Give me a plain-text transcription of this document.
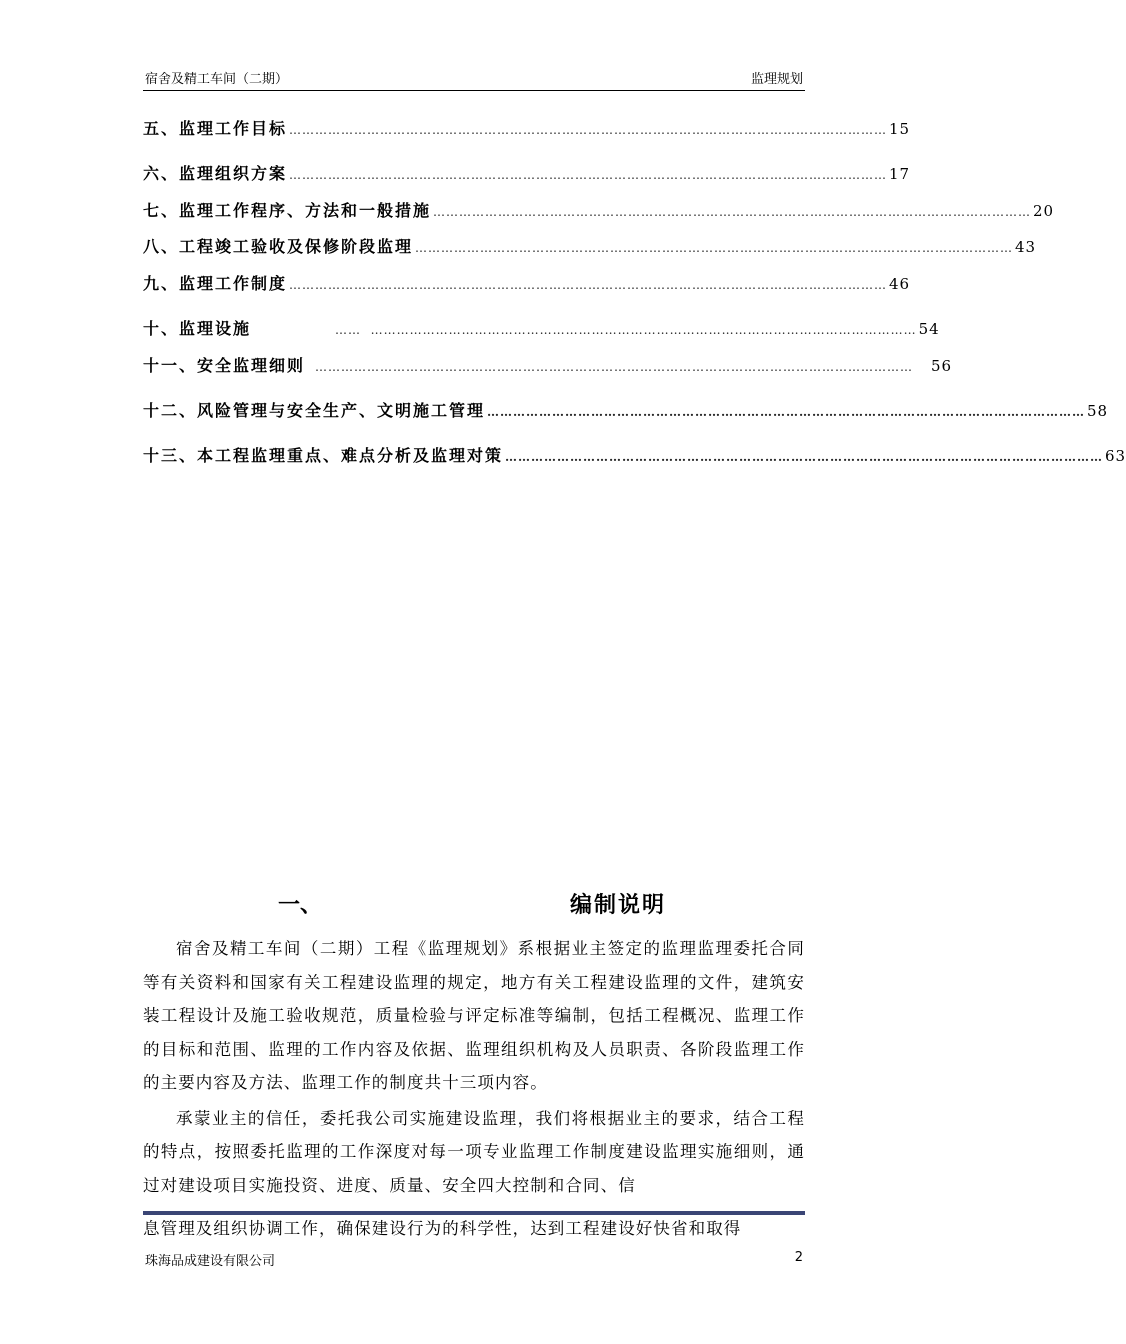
宿舍及精工车间（二期）	监理规划
五、监理工作目标 ………………………………………………………………………………………………………………………… 15
六、监理组织方案 ………………………………………………………………………………………………………………………… 17
七、监理工作程序、方法和一般措施 ………………………………………………………………………………………………………………………… 20
八、工程竣工验收及保修阶段监理 ………………………………………………………………………………………………………………………… 43
九、监理工作制度 ………………………………………………………………………………………………………………………… 46
十、监理设施	……  ……………………………………………………………………………………………………………… 54
十一、安全监理细则 ………………………………………………………………………………………………………………………… 56
十二、风险管理与安全生产、文明施工管理 ………………………………………………………………………………………………………………………… 58
十三、本工程监理重点、难点分析及监理对策 ………………………………………………………………………………………………………………………… 63
一、	编制说明

宿舍及精工车间（二期）工程《监理规划》系根据业主签定的监理监理委托合同等有关资料和国家有关工程建设监理的规定，地方有关工程建设监理的文件，建筑安装工程设计及施工验收规范，质量检验与评定标准等编制，包括工程概况、监理工作的目标和范围、监理的工作内容及依据、监理组织机构及人员职责、各阶段监理工作的主要内容及方法、监理工作的制度共十三项内容。

承蒙业主的信任，委托我公司实施建设监理，我们将根据业主的要求，结合工程的特点，按照委托监理的工作深度对每一项专业监理工作制度建设监理实施细则，通过对建设项目实施投资、进度、质量、安全四大控制和合同、信

息管理及组织协调工作，确保建设行为的科学性，达到工程建设好快省和取得
珠海品成建设有限公司	2
